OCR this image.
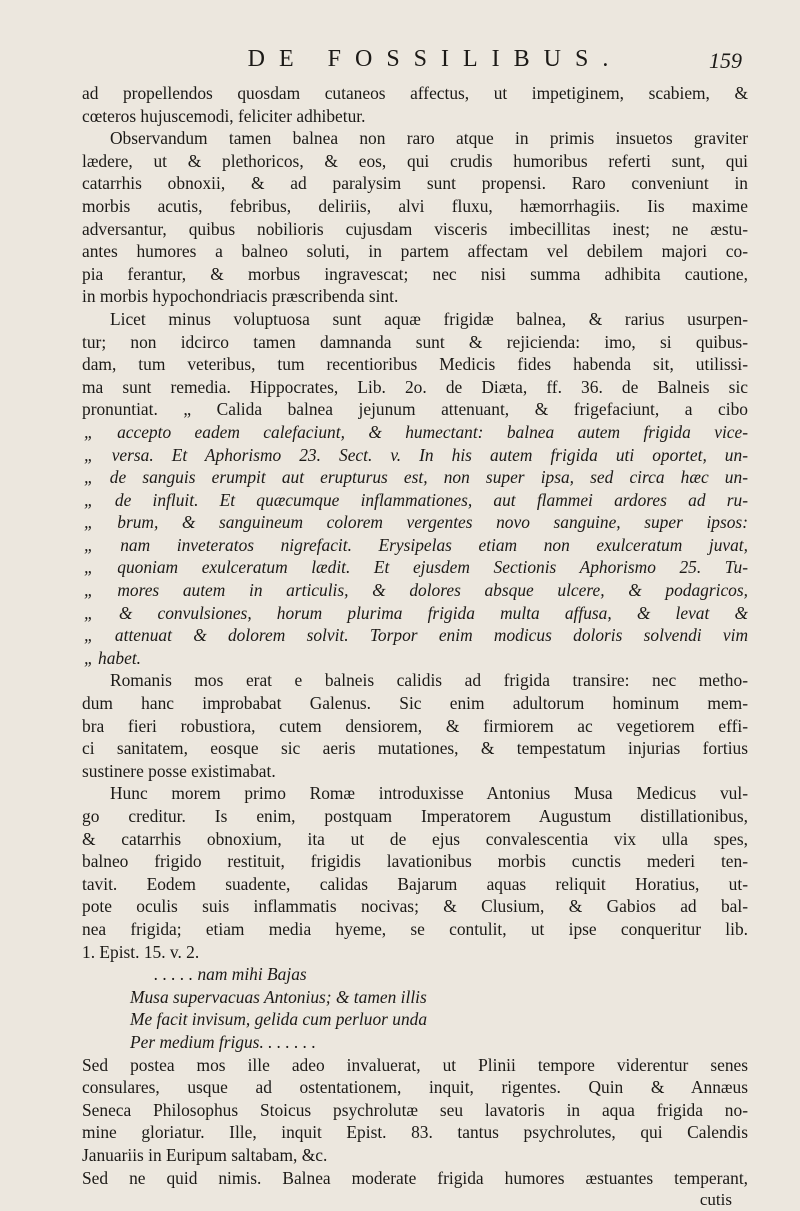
DE FOSSILIBUS.	159
ad propellendos quosdam cutaneos affectus, ut impetiginem, scabiem, &
cœteros hujuscemodi, feliciter adhibetur.
Observandum tamen balnea non raro atque in primis insuetos graviter
lædere, ut & plethoricos, & eos, qui crudis humoribus referti sunt, qui
catarrhis obnoxii, & ad paralysim sunt propensi. Raro conveniunt in
morbis acutis, febribus, deliriis, alvi fluxu, hæmorrhagiis. Iis maxime
adversantur, quibus nobilioris cujusdam visceris imbecillitas inest; ne æstu-
antes humores a balneo soluti, in partem affectam vel debilem majori co-
pia ferantur, & morbus ingravescat; nec nisi summa adhibita cautione,
in morbis hypochondriacis præscribenda sint.
Licet minus voluptuosa sunt aquæ frigidæ balnea, & rarius usurpen-
tur; non idcirco tamen damnanda sunt & rejicienda: imo, si quibus-
dam, tum veteribus, tum recentioribus Medicis fides habenda sit, utilissi-
ma sunt remedia. Hippocrates, Lib. 2o. de Diæta, ff. 36. de Balneis sic
pronuntiat. „ Calida balnea jejunum attenuant, & frigefaciunt, a cibo
„ accepto eadem calefaciunt, & humectant: balnea autem frigida vice-
„ versa. Et Aphorismo 23. Sect. v. In his autem frigida uti oportet, un-
„ de sanguis erumpit aut erupturus est, non super ipsa, sed circa hæc un-
„ de influit. Et quæcumque inflammationes, aut flammei ardores ad ru-
„ brum, & sanguineum colorem vergentes novo sanguine, super ipsos:
„ nam inveteratos nigrefacit. Erysipelas etiam non exulceratum juvat,
„ quoniam exulceratum lædit. Et ejusdem Sectionis Aphorismo 25. Tu-
„ mores autem in articulis, & dolores absque ulcere, & podagricos,
„ & convulsiones, horum plurima frigida multa affusa, & levat &
„ attenuat & dolorem solvit. Torpor enim modicus doloris solvendi vim
„ habet.
Romanis mos erat e balneis calidis ad frigida transire: nec metho-
dum hanc improbabat Galenus. Sic enim adultorum hominum mem-
bra fieri robustiora, cutem densiorem, & firmiorem ac vegetiorem effi-
ci sanitatem, eosque sic aeris mutationes, & tempestatum injurias fortius
sustinere posse existimabat.
Hunc morem primo Romæ introduxisse Antonius Musa Medicus vul-
go creditur. Is enim, postquam Imperatorem Augustum distillationibus,
& catarrhis obnoxium, ita ut de ejus convalescentia vix ulla spes,
balneo frigido restituit, frigidis lavationibus morbis cunctis mederi ten-
tavit. Eodem suadente, calidas Bajarum aquas reliquit Horatius, ut-
pote oculis suis inflammatis nocivas; & Clusium, & Gabios ad bal-
nea frigida; etiam media hyeme, se contulit, ut ipse conqueritur lib.
1. Epist. 15. v. 2.
. . . . . nam mihi Bajas
Musa supervacuas Antonius; & tamen illis
Me facit invisum, gelida cum perluor unda
Per medium frigus. . . . . . .
Sed postea mos ille adeo invaluerat, ut Plinii tempore viderentur senes
consulares, usque ad ostentationem, inquit, rigentes. Quin & Annæus
Seneca Philosophus Stoicus psychrolutæ seu lavatoris in aqua frigida no-
mine gloriatur. Ille, inquit Epist. 83. tantus psychrolutes, qui Calendis
Januariis in Euripum saltabam, &c.
Sed ne quid nimis. Balnea moderate frigida humores æstuantes temperant,
cutis
